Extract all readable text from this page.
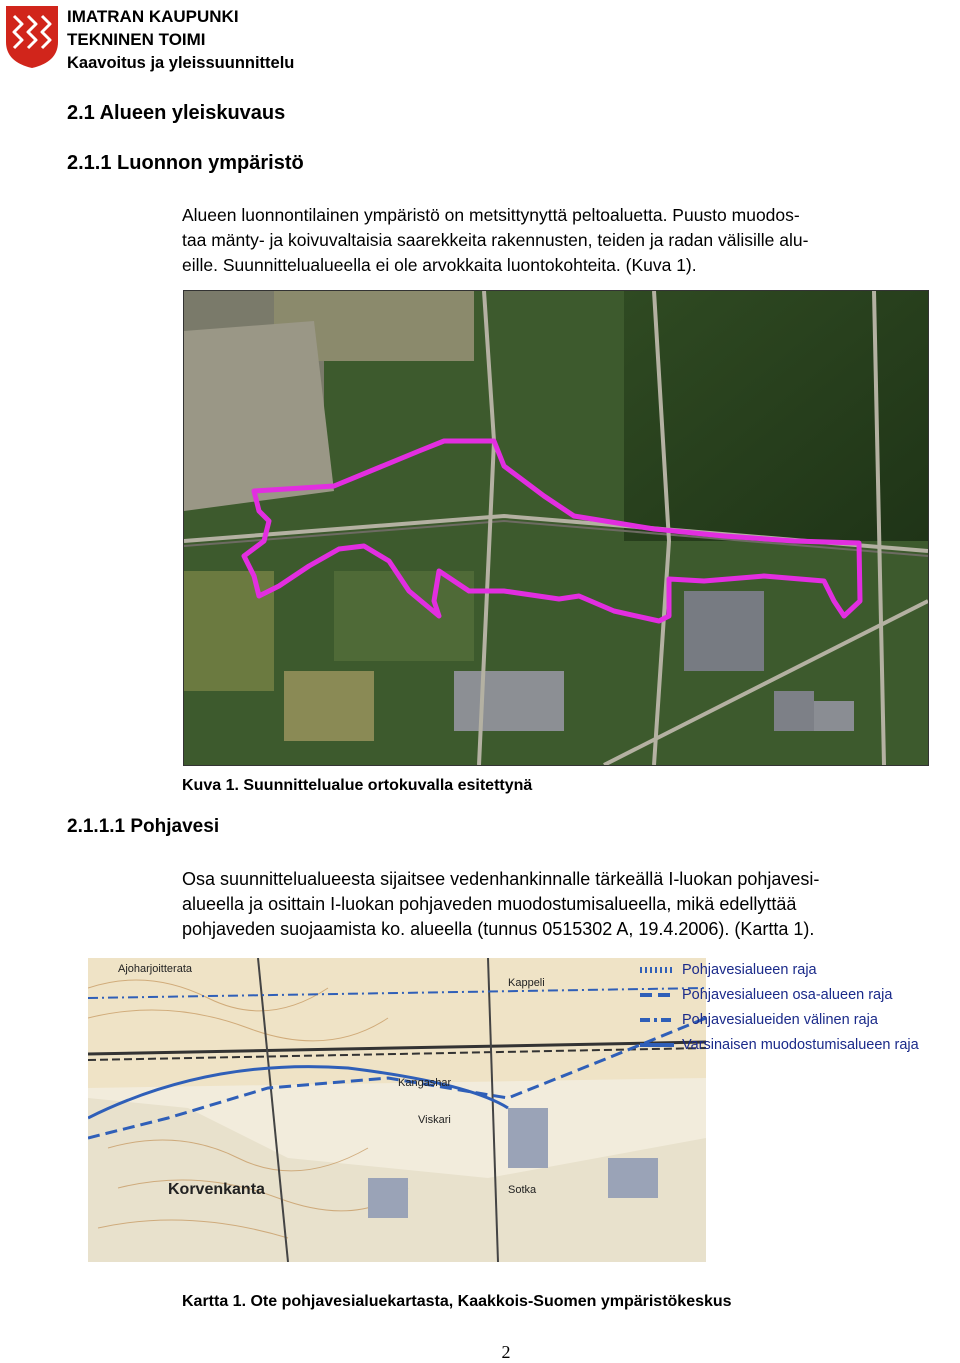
IMATRAN KAUPUNKI
TEKNINEN TOIMI
Kaavoitus ja yleissuunnittelu
2.1 Alueen yleiskuvaus
2.1.1 Luonnon ympäristö

Alueen luonnontilainen ympäristö on metsittynyttä peltoaluetta. Puusto muodos-

taa mänty- ja koivuvaltaisia saarekkeita rakennusten, teiden ja radan välisille alu-

eille. Suunnittelualueella ei ole arvokkaita luontokohteita. (Kuva 1).

Kuva 1. Suunnittelualue ortokuvalla esitettynä
2.1.1.1 Pohjavesi

Osa suunnittelualueesta sijaitsee vedenhankinnalle tärkeällä I-luokan pohjavesi-

alueella ja osittain I-luokan pohjaveden muodostumisalueella, mikä edellyttää

pohjaveden suojaamista ko. alueella (tunnus 0515302 A, 19.4.2006). (Kartta 1).

Ajoharjoitterata
Kappeli
Kangashar
Viskari
Korvenkanta	Sotka
Pohjavesialueen raja
Pohjavesialueen osa-alueen raja
Pohjavesialueiden välinen raja
Varsinaisen muodostumisalueen raja
Kartta 1. Ote pohjavesialuekartasta, Kaakkois-Suomen ympäristökeskus
2
